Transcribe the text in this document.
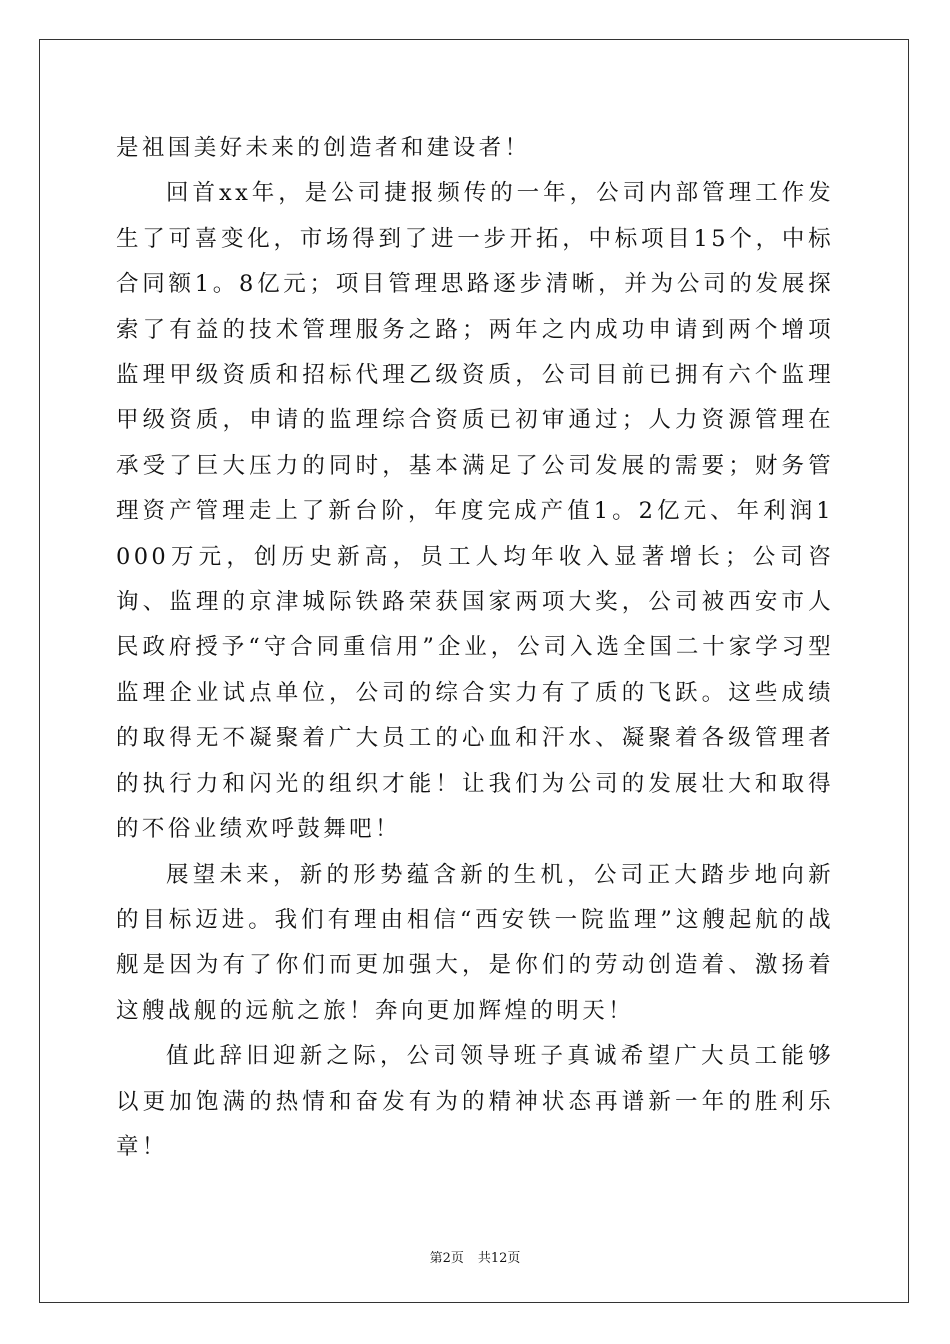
是祖国美好未来的创造者和建设者！

回首xx年，是公司捷报频传的一年，公司内部管理工作发生了可喜变化，市场得到了进一步开拓，中标项目15个，中标合同额1。8亿元；项目管理思路逐步清晰，并为公司的发展探索了有益的技术管理服务之路；两年之内成功申请到两个增项监理甲级资质和招标代理乙级资质，公司目前已拥有六个监理甲级资质，申请的监理综合资质已初审通过；人力资源管理在承受了巨大压力的同时，基本满足了公司发展的需要；财务管理资产管理走上了新台阶，年度完成产值1。2亿元、年利润1000万元，创历史新高，员工人均年收入显著增长；公司咨询、监理的京津城际铁路荣获国家两项大奖，公司被西安市人民政府授予“守合同重信用”企业，公司入选全国二十家学习型监理企业试点单位，公司的综合实力有了质的飞跃。这些成绩的取得无不凝聚着广大员工的心血和汗水、凝聚着各级管理者的执行力和闪光的组织才能！让我们为公司的发展壮大和取得的不俗业绩欢呼鼓舞吧！

展望未来，新的形势蕴含新的生机，公司正大踏步地向新的目标迈进。我们有理由相信“西安铁一院监理”这艘起航的战舰是因为有了你们而更加强大，是你们的劳动创造着、激扬着这艘战舰的远航之旅！奔向更加辉煌的明天！

值此辞旧迎新之际，公司领导班子真诚希望广大员工能够以更加饱满的热情和奋发有为的精神状态再谱新一年的胜利乐章！

第2页 共12页
